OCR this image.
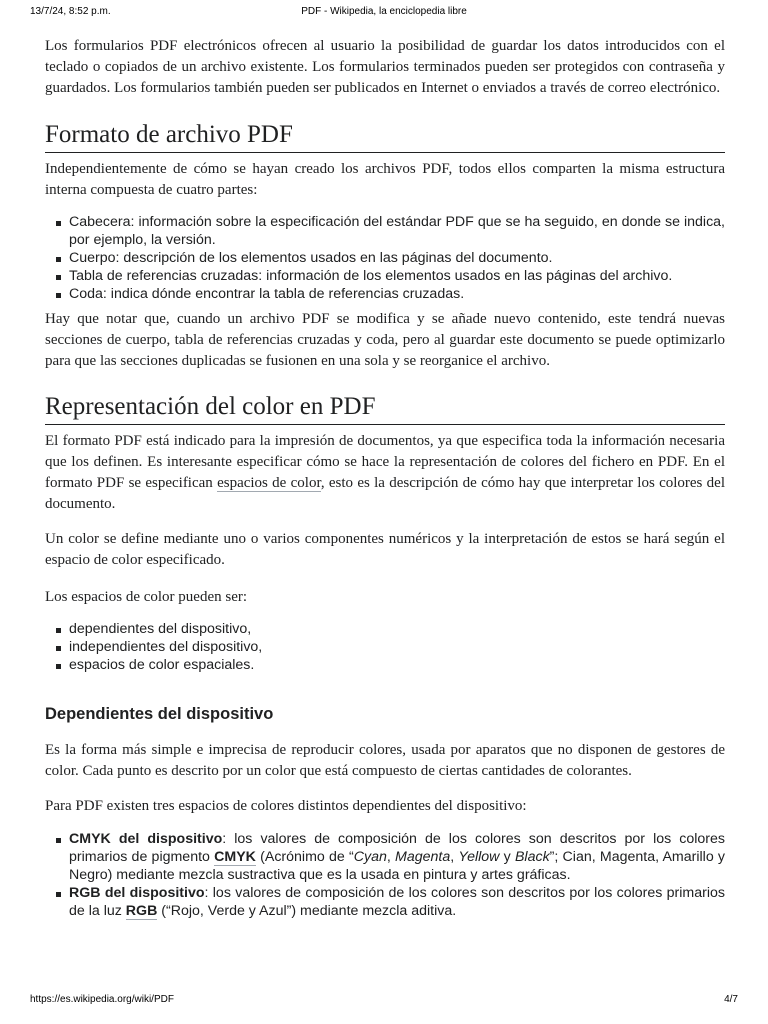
13/7/24, 8:52 p.m.	PDF - Wikipedia, la enciclopedia libre

Los formularios PDF electrónicos ofrecen al usuario la posibilidad de guardar los datos introducidos con el teclado o copiados de un archivo existente. Los formularios terminados pueden ser protegidos con contraseña y guardados. Los formularios también pueden ser publicados en Internet o enviados a través de correo electrónico.

Formato de archivo PDF

Independientemente de cómo se hayan creado los archivos PDF, todos ellos comparten la misma estructura interna compuesta de cuatro partes:

Cabecera: información sobre la especificación del estándar PDF que se ha seguido, en donde se indica, por ejemplo, la versión.
Cuerpo: descripción de los elementos usados en las páginas del documento.
Tabla de referencias cruzadas: información de los elementos usados en las páginas del archivo.
Coda: indica dónde encontrar la tabla de referencias cruzadas.

Hay que notar que, cuando un archivo PDF se modifica y se añade nuevo contenido, este tendrá nuevas secciones de cuerpo, tabla de referencias cruzadas y coda, pero al guardar este documento se puede optimizarlo para que las secciones duplicadas se fusionen en una sola y se reorganice el archivo.

Representación del color en PDF

El formato PDF está indicado para la impresión de documentos, ya que especifica toda la información necesaria que los definen. Es interesante especificar cómo se hace la representación de colores del fichero en PDF. En el formato PDF se especifican espacios de color, esto es la descripción de cómo hay que interpretar los colores del documento.

Un color se define mediante uno o varios componentes numéricos y la interpretación de estos se hará según el espacio de color especificado.

Los espacios de color pueden ser:

dependientes del dispositivo,
independientes del dispositivo,
espacios de color espaciales.
Dependientes del dispositivo

Es la forma más simple e imprecisa de reproducir colores, usada por aparatos que no disponen de gestores de color. Cada punto es descrito por un color que está compuesto de ciertas cantidades de colorantes.

Para PDF existen tres espacios de colores distintos dependientes del dispositivo:

CMYK del dispositivo: los valores de composición de los colores son descritos por los colores primarios de pigmento CMYK (Acrónimo de “Cyan, Magenta, Yellow y Black”; Cian, Magenta, Amarillo y Negro) mediante mezcla sustractiva que es la usada en pintura y artes gráficas.
RGB del dispositivo: los valores de composición de los colores son descritos por los colores primarios de la luz RGB (“Rojo, Verde y Azul”) mediante mezcla aditiva.
https://es.wikipedia.org/wiki/PDF	4/7
